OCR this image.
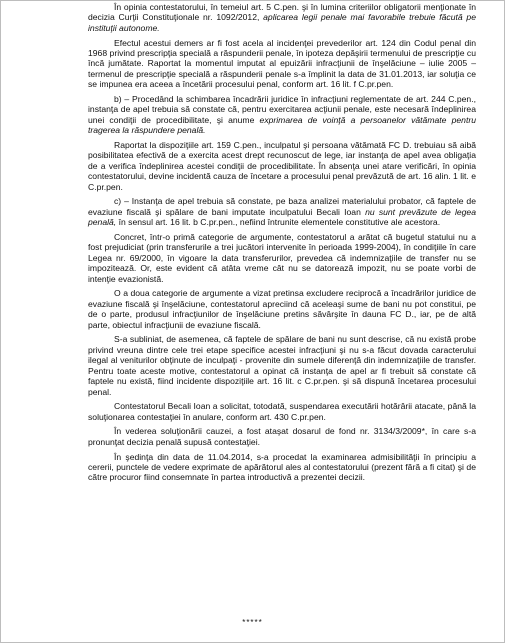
În opinia contestatorului, în temeiul art. 5 C.pen. şi în lumina criteriilor obligatorii menţionate în decizia Curţii Constituţionale nr. 1092/2012, aplicarea legii penale mai favorabile trebuie făcută pe instituţii autonome.

Efectul acestui demers ar fi fost acela al incidenţei prevederilor art. 124 din Codul penal din 1968 privind prescripţia specială a răspunderii penale, în ipoteza depăşirii termenului de prescripţie cu încă jumătate. Raportat la momentul imputat al epuizării infracţiunii de înşelăciune – iulie 2005 – termenul de prescripţie specială a răspunderii penale s-a împlinit la data de 31.01.2013, iar soluţia ce se impunea era aceea a încetării procesului penal, conform art. 16 lit. f C.pr.pen.

b) – Procedând la schimbarea încadrării juridice în infracţiuni reglementate de art. 244 C.pen., instanţa de apel trebuia să constate că, pentru exercitarea acţiunii penale, este necesară îndeplinirea unei condiţii de procedibilitate, şi anume exprimarea de voinţă a persoanelor vătămate pentru tragerea la răspundere penală.

Raportat la dispoziţiile art. 159 C.pen., inculpatul şi persoana vătămată FC D. trebuiau să aibă posibilitatea efectivă de a exercita acest drept recunoscut de lege, iar instanţa de apel avea obligaţia de a verifica îndeplinirea acestei condiţii de procedibilitate. În absenţa unei atare verificări, în opinia contestatorului, devine incidentă cauza de încetare a procesului penal prevăzută de art. 16 alin. 1 lit. e C.pr.pen.

c) – Instanţa de apel trebuia să constate, pe baza analizei materialului probator, că faptele de evaziune fiscală şi spălare de bani imputate inculpatului Becali Ioan nu sunt prevăzute de legea penală, în sensul art. 16 lit. b C.pr.pen., nefiind întrunite elementele constitutive ale acestora.

Concret, într-o primă categorie de argumente, contestatorul a arătat că bugetul statului nu a fost prejudiciat (prin transferurile a trei jucători intervenite în perioada 1999-2004), în condiţiile în care Legea nr. 69/2000, în vigoare la data transferurilor, prevedea că indemnizaţiile de transfer nu se impozitează. Or, este evident că atâta vreme cât nu se datorează impozit, nu se poate vorbi de intenţie evazionistă.

O a doua categorie de argumente a vizat pretinsa excludere reciprocă a încadrărilor juridice de evaziune fiscală şi înşelăciune, contestatorul apreciind că aceleaşi sume de bani nu pot constitui, pe de o parte, produsul infracţiunilor de înşelăciune pretins săvârşite în dauna FC D., iar, pe de altă parte, obiectul infracţiunii de evaziune fiscală.

S-a subliniat, de asemenea, că faptele de spălare de bani nu sunt descrise, că nu există probe privind vreuna dintre cele trei etape specifice acestei infracţiuni şi nu s-a făcut dovada caracterului ilegal al veniturilor obţinute de inculpaţi - provenite din sumele diferenţă din indemnizaţiile de transfer. Pentru toate aceste motive, contestatorul a opinat că instanţa de apel ar fi trebuit să constate că faptele nu există, fiind incidente dispoziţiile art. 16 lit. c C.pr.pen. şi să dispună încetarea procesului penal.

Contestatorul Becali Ioan a solicitat, totodată, suspendarea executării hotărârii atacate, până la soluţionarea contestaţiei în anulare, conform art. 430 C.pr.pen.

În vederea soluţionării cauzei, a fost ataşat dosarul de fond nr. 3134/3/2009*, în care s-a pronunţat decizia penală supusă contestaţiei.

În şedinţa din data de 11.04.2014, s-a procedat la examinarea admisibilităţii în principiu a cererii, punctele de vedere exprimate de apărătorul ales al contestatorului (prezent fără a fi citat) şi de către procuror fiind consemnate în partea introductivă a prezentei decizii.

*****
